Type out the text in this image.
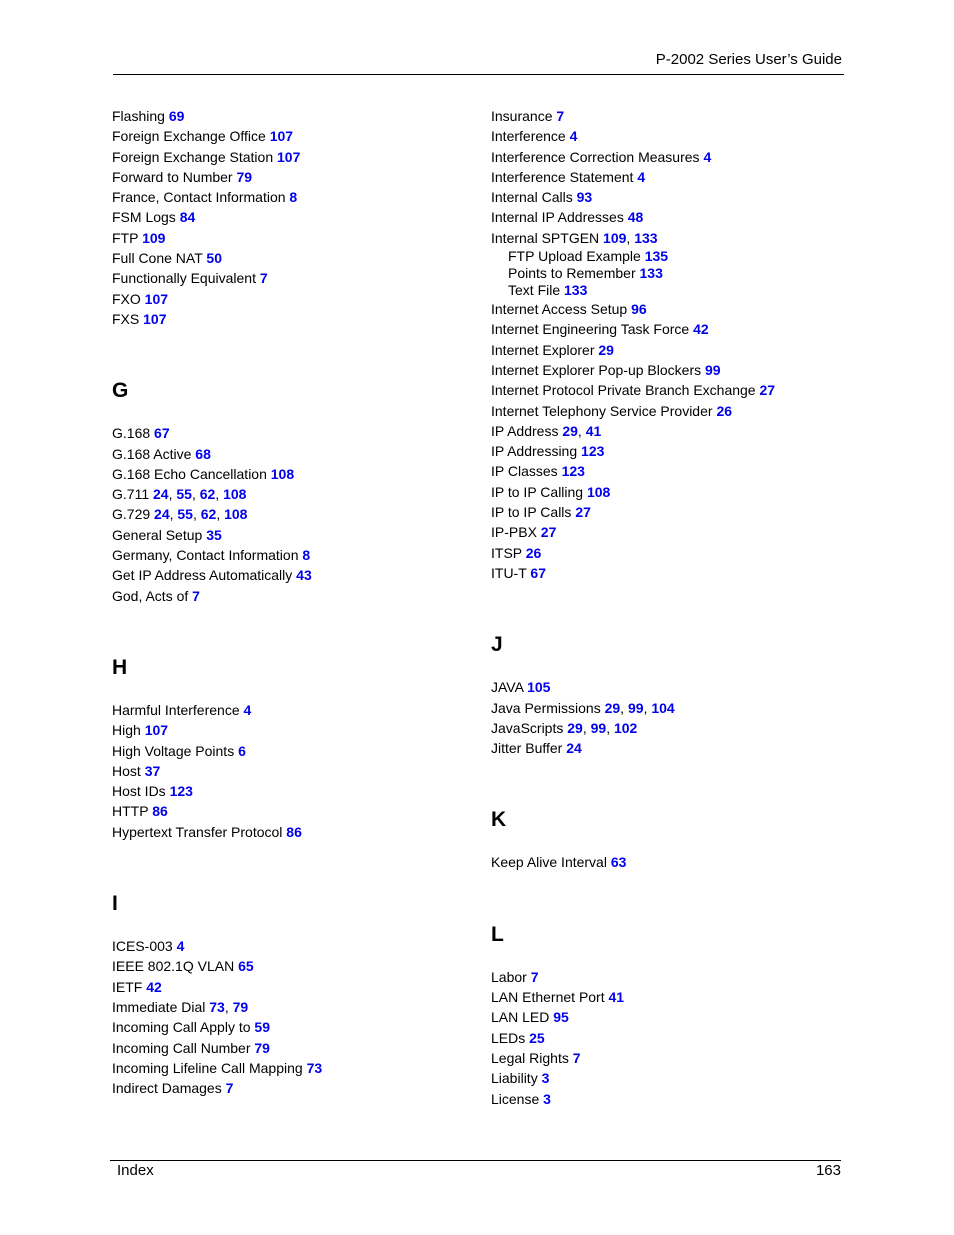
P-2002 Series User’s Guide
Flashing 69
Foreign Exchange Office 107
Foreign Exchange Station 107
Forward to Number 79
France, Contact Information 8
FSM Logs 84
FTP 109
Full Cone NAT 50
Functionally Equivalent 7
FXO 107
FXS 107
G
G.168 67
G.168 Active 68
G.168 Echo Cancellation 108
G.711 24, 55, 62, 108
G.729 24, 55, 62, 108
General Setup 35
Germany, Contact Information 8
Get IP Address Automatically 43
God, Acts of 7
H
Harmful Interference 4
High 107
High Voltage Points 6
Host 37
Host IDs 123
HTTP 86
Hypertext Transfer Protocol 86
I
ICES-003 4
IEEE 802.1Q VLAN 65
IETF 42
Immediate Dial 73, 79
Incoming Call Apply to 59
Incoming Call Number 79
Incoming Lifeline Call Mapping 73
Indirect Damages 7
Insurance 7
Interference 4
Interference Correction Measures 4
Interference Statement 4
Internal Calls 93
Internal IP Addresses 48
Internal SPTGEN 109, 133
FTP Upload Example 135
Points to Remember 133
Text File 133
Internet Access Setup 96
Internet Engineering Task Force 42
Internet Explorer 29
Internet Explorer Pop-up Blockers 99
Internet Protocol Private Branch Exchange 27
Internet Telephony Service Provider 26
IP Address 29, 41
IP Addressing 123
IP Classes 123
IP to IP Calling 108
IP to IP Calls 27
IP-PBX 27
ITSP 26
ITU-T 67
J
JAVA 105
Java Permissions 29, 99, 104
JavaScripts 29, 99, 102
Jitter Buffer 24
K
Keep Alive Interval 63
L
Labor 7
LAN Ethernet Port 41
LAN LED 95
LEDs 25
Legal Rights 7
Liability 3
License 3
Index	163
